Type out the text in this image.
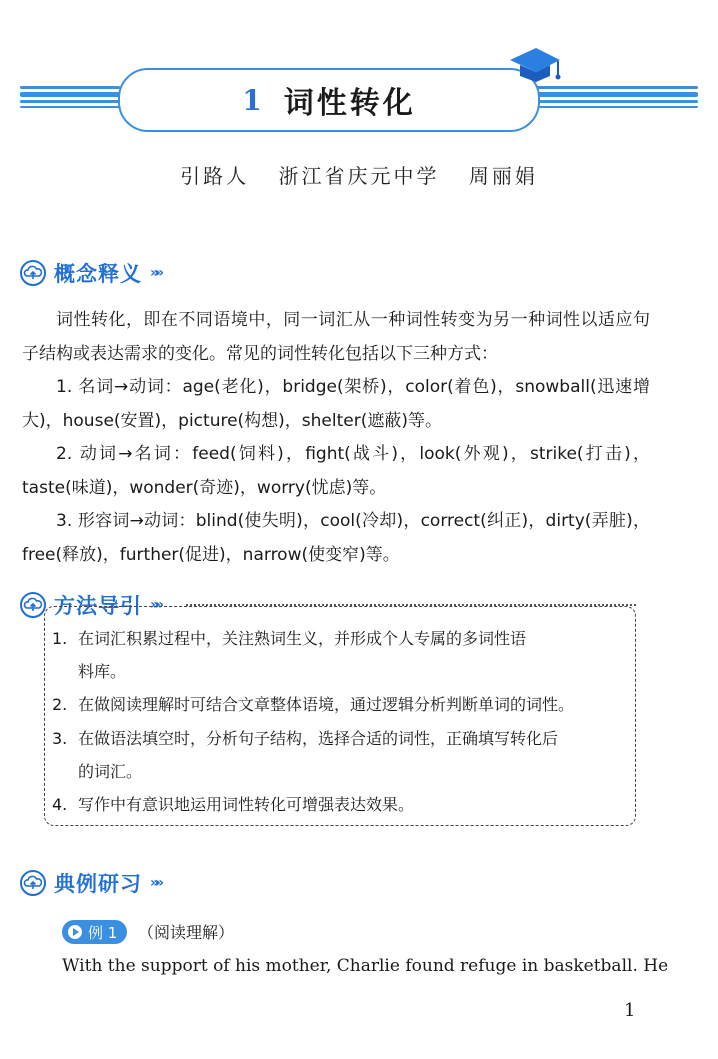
1 词性转化
引路人 浙江省庆元中学 周丽娟
概念释义 »»

词性转化，即在不同语境中，同一词汇从一种词性转变为另一种词性以适应句子结构或表达需求的变化。常见的词性转化包括以下三种方式：

1. 名词→动词：age(老化)，bridge(架桥)，color(着色)，snowball(迅速增大)，house(安置)，picture(构想)，shelter(遮蔽)等。

2. 动词→名词：feed(饲料)，fight(战斗)，look(外观)，strike(打击)，taste(味道)，wonder(奇迹)，worry(忧虑)等。

3. 形容词→动词：blind(使失明)，cool(冷却)，correct(纠正)，dirty(弄脏)，free(释放)，further(促进)，narrow(使变窄)等。

方法导引 »»
1. 在词汇积累过程中，关注熟词生义，并形成个人专属的多词性语
料库。
2. 在做阅读理解时可结合文章整体语境，通过逻辑分析判断单词的词性。
3. 在做语法填空时，分析句子结构，选择合适的词性，正确填写转化后
的词汇。
4. 写作中有意识地运用词性转化可增强表达效果。
典例研习 »»
例 1 （阅读理解）
With the support of his mother, Charlie found refuge in basketball. He
1
